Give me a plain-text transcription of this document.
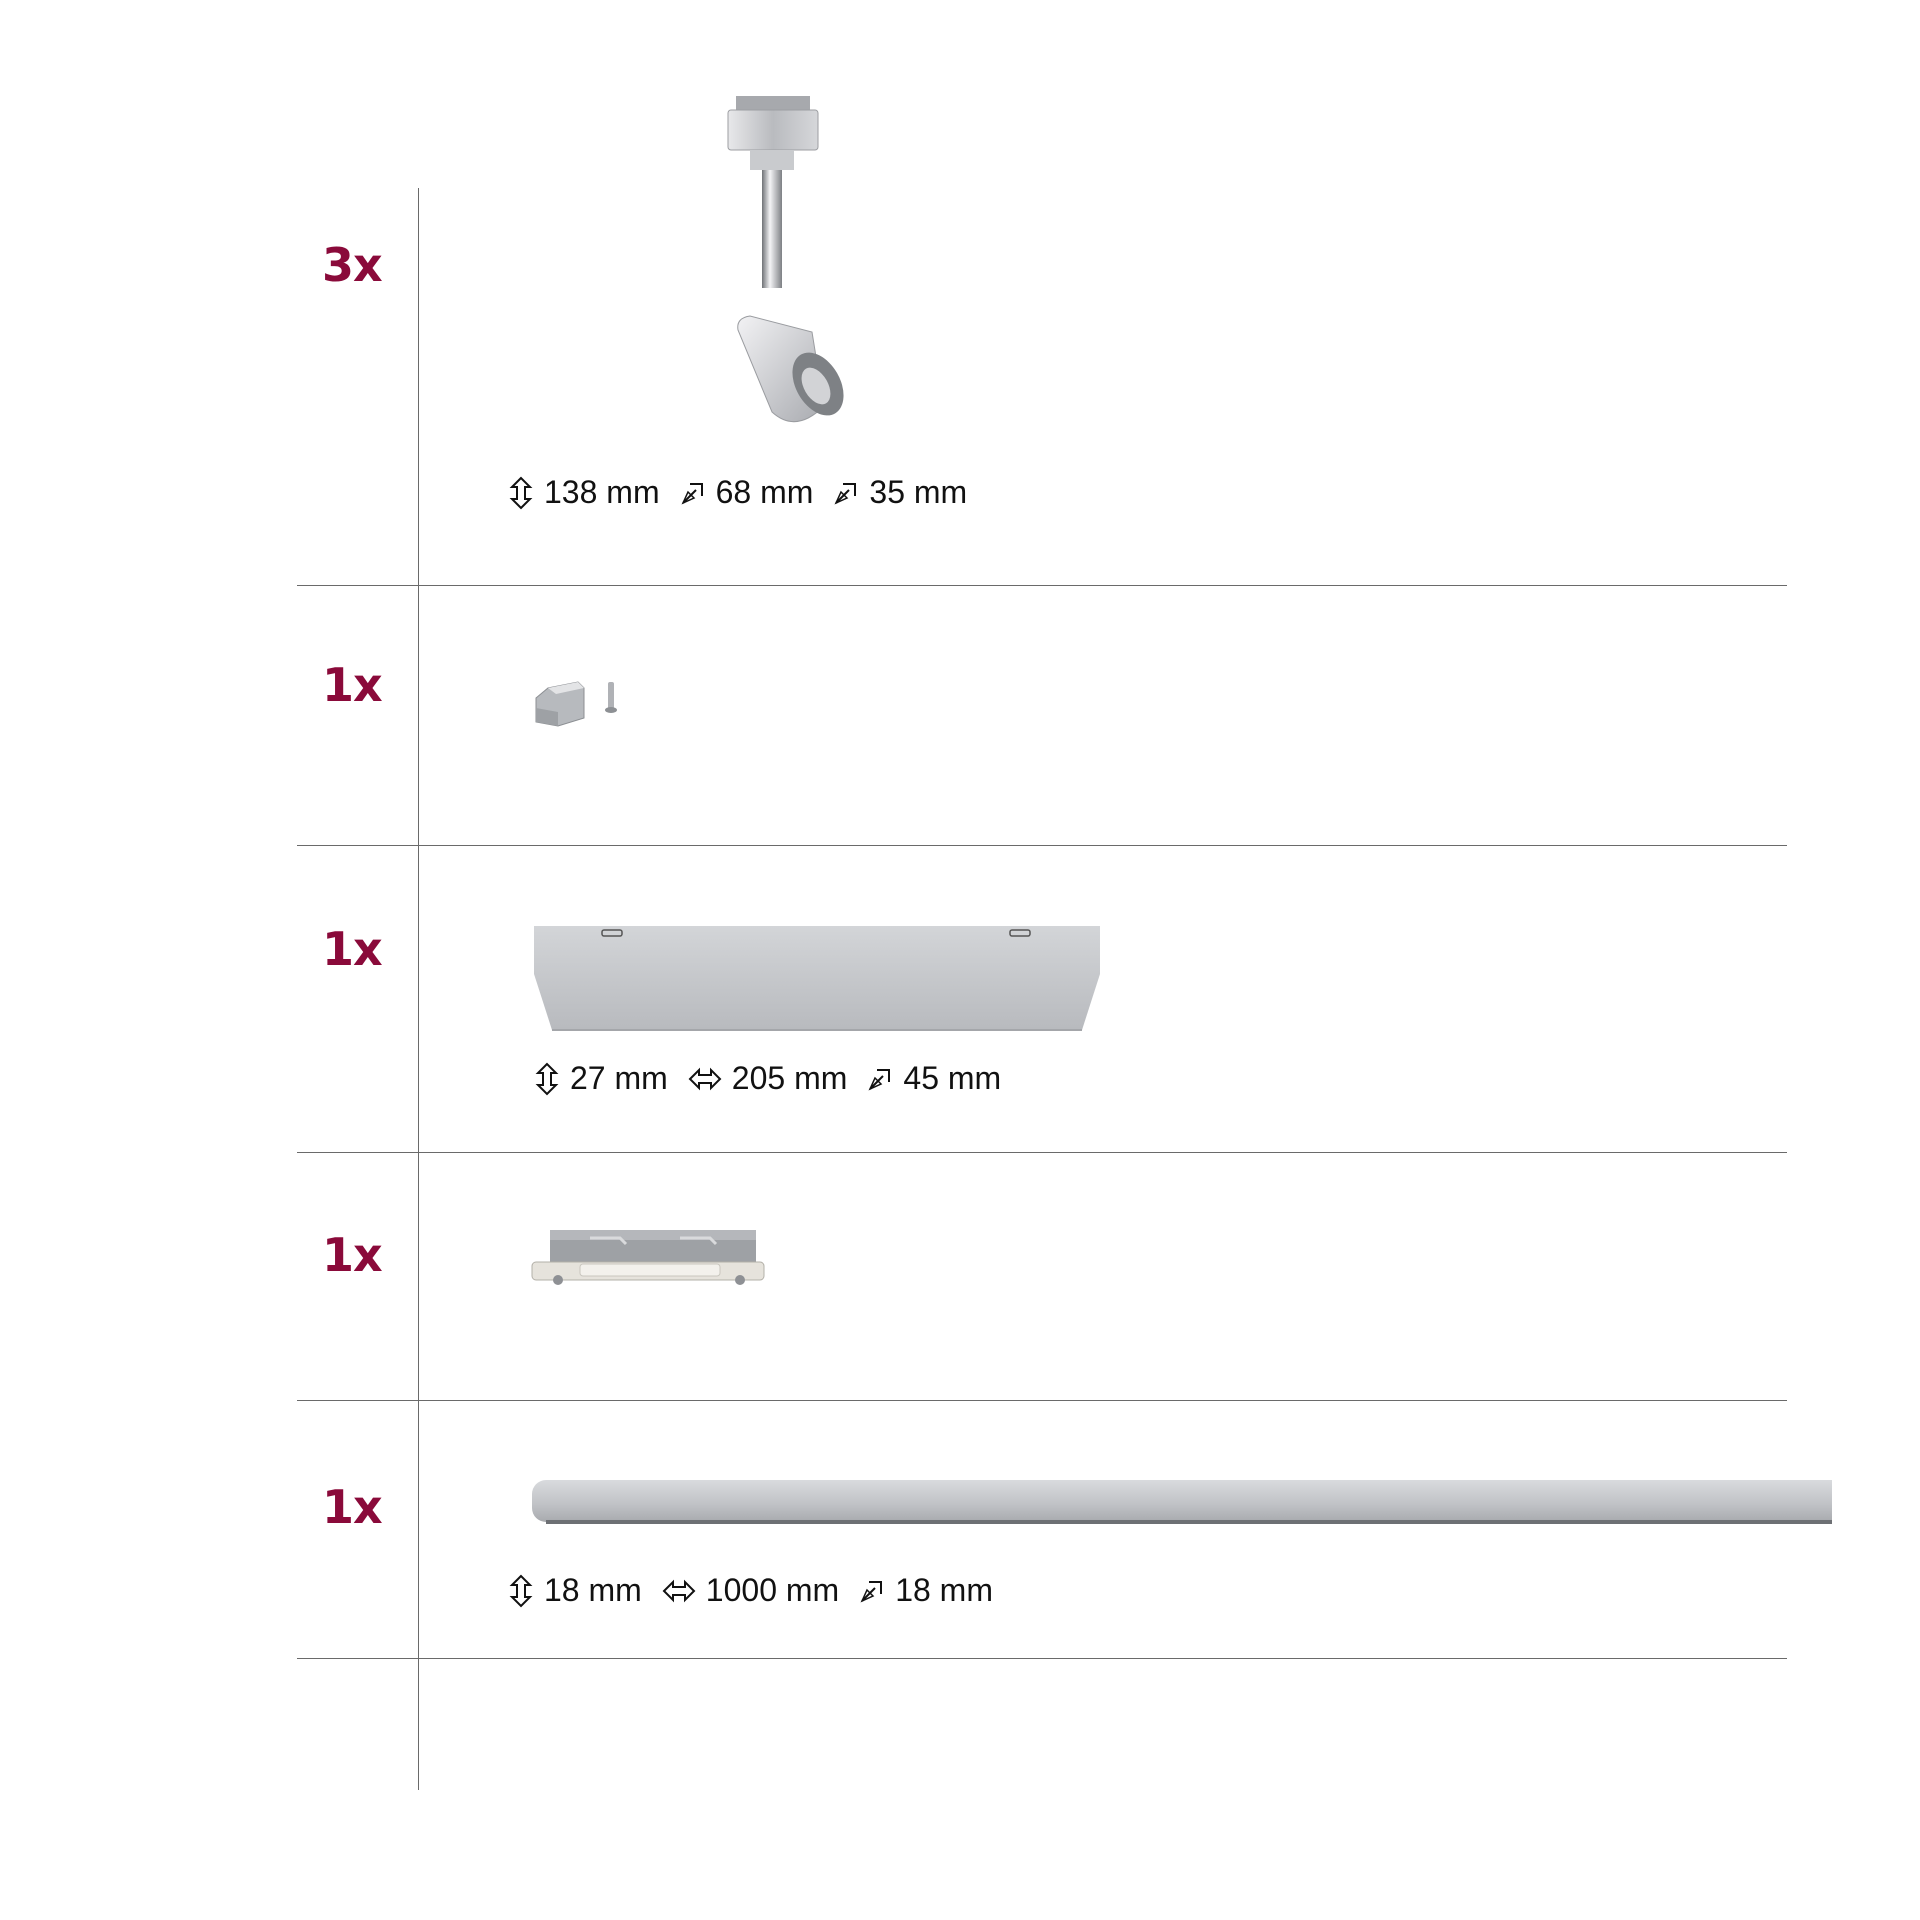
3x
138 mm 68 mm 35 mm
1x
1x
27 mm 205 mm 45 mm
1x
1x
18 mm 1000 mm 18 mm
